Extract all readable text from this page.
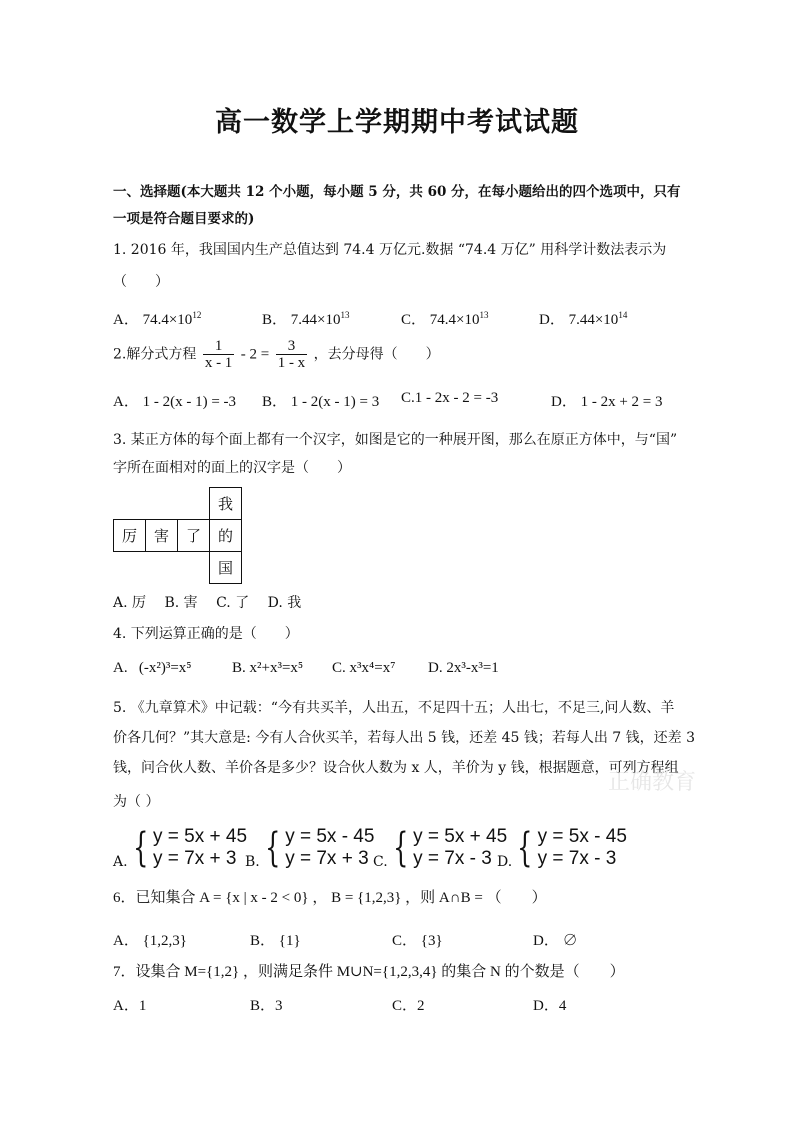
高一数学上学期期中考试试题
一、选择题(本大题共 12 个小题，每小题 5 分，共 60 分，在每小题给出的四个选项中，只有
一项是符合题目要求的)
1. 2016 年，我国国内生产总值达到 74.4 万亿元.数据 “74.4 万亿” 用科学计数法表示为
（　　）
A． $74.4\times 10^{12}$	B． $7.44\times 10^{13}$	C． $74.4\times 10^{13}$	D． $7.44\times 10^{14}$
2.解分式方程 $\frac{1}{x - 1} - 2 = \frac{3}{1 - x}$ ，去分母得（　　）
A． 1 - 2(x - 1) = -3 B． 1 - 2(x - 1) = 3 C.1 - 2x - 2 = -3	D． 1 - 2x + 2 = 3
3. 某正方体的每个面上都有一个汉字，如图是它的一种展开图，那么在原正方体中，与“国”
字所在面相对的面上的汉字是（　　）
			我
厉	害	了	的
			国
A. 厉　 B. 害　 C. 了　 D. 我
4. 下列运算正确的是（　　）
A. (-x²)³=x⁵	B. x²+x³=x⁵ C. x³x⁴=x⁷ D. 2x³-x³=1
5. 《九章算术》中记载：“今有共买羊，人出五，不足四十五；人出七，不足三,问人数、羊
价各几何？”其大意是: 今有人合伙买羊，若每人出 5 钱，还差 45 钱；若每人出 7 钱，还差 3
钱，问合伙人数、羊价各是多少？设合伙人数为 x 人，羊价为 y 钱，根据题意，可列方程组
为（ ）
正确教育
A. { y = 5x + 45
y = 7x + 3 B. { y = 5x - 45
y = 7x + 3 C. { y = 5x + 45
y = 7x - 3 D. { y = 5x - 45
y = 7x - 3
6．已知集合 A = {x | x - 2 < 0} ， B = {1,2,3} ，则 A∩B = （　　）
A． {1,2,3}	B． {1}	C． {3}	D． ∅
7．设集合 M={1,2} ，则满足条件 M∪N={1,2,3,4} 的集合 N 的个数是（　　）
A．1	B．3	C．2	D．4
